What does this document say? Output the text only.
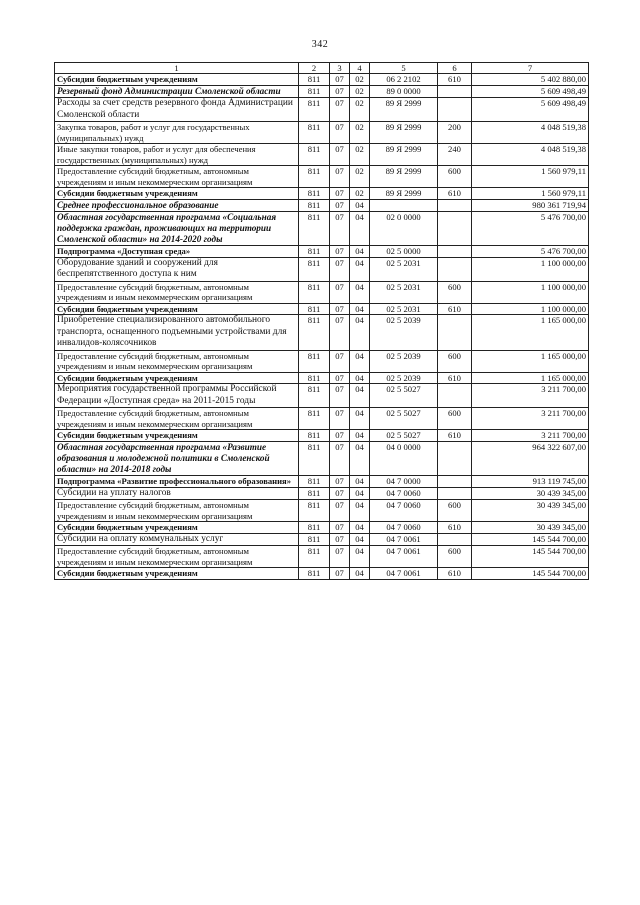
342
1	2	3	4	5	6	7
Субсидии бюджетным учреждениям	811	07	02	06 2 2102	610	5 402 880,00
Резервный фонд Администрации Смоленской области	811	07	02	89 0 0000		5 609 498,49
Расходы за счет средств резервного фонда Администрации Смоленской области	811	07	02	89 Я 2999		5 609 498,49
Закупка товаров, работ и услуг для государственных (муниципальных) нужд	811	07	02	89 Я 2999	200	4 048 519,38
Иные закупки товаров, работ и услуг для обеспечения государственных (муниципальных) нужд	811	07	02	89 Я 2999	240	4 048 519,38
Предоставление субсидий бюджетным, автономным учреждениям и иным некоммерческим организациям	811	07	02	89 Я 2999	600	1 560 979,11
Субсидии бюджетным учреждениям	811	07	02	89 Я 2999	610	1 560 979,11
Среднее профессиональное образование	811	07	04			980 361 719,94
Областная государственная программа «Социальная поддержка граждан, проживающих на территории Смоленской области» на 2014-2020 годы	811	07	04	02 0 0000		5 476 700,00
Подпрограмма «Доступная среда»	811	07	04	02 5 0000		5 476 700,00
Оборудование зданий и сооружений для беспрепятственного доступа к ним	811	07	04	02 5 2031		1 100 000,00
Предоставление субсидий бюджетным, автономным учреждениям и иным некоммерческим организациям	811	07	04	02 5 2031	600	1 100 000,00
Субсидии бюджетным учреждениям	811	07	04	02 5 2031	610	1 100 000,00
Приобретение специализированного автомобильного транспорта, оснащенного подъемными устройствами для инвалидов-колясочников	811	07	04	02 5 2039		1 165 000,00
Предоставление субсидий бюджетным, автономным учреждениям и иным некоммерческим организациям	811	07	04	02 5 2039	600	1 165 000,00
Субсидии бюджетным учреждениям	811	07	04	02 5 2039	610	1 165 000,00
Мероприятия государственной программы Российской Федерации «Доступная среда» на 2011-2015 годы	811	07	04	02 5 5027		3 211 700,00
Предоставление субсидий бюджетным, автономным учреждениям и иным некоммерческим организациям	811	07	04	02 5 5027	600	3 211 700,00
Субсидии бюджетным учреждениям	811	07	04	02 5 5027	610	3 211 700,00
Областная государственная программа «Развитие образования и молодежной политики в Смоленской области» на 2014-2018 годы	811	07	04	04 0 0000		964 322 607,00
Подпрограмма «Развитие профессионального образования»	811	07	04	04 7 0000		913 119 745,00
Субсидии на уплату налогов	811	07	04	04 7 0060		30 439 345,00
Предоставление субсидий бюджетным, автономным учреждениям и иным некоммерческим организациям	811	07	04	04 7 0060	600	30 439 345,00
Субсидии бюджетным учреждениям	811	07	04	04 7 0060	610	30 439 345,00
Субсидии на оплату коммунальных услуг	811	07	04	04 7 0061		145 544 700,00
Предоставление субсидий бюджетным, автономным учреждениям и иным некоммерческим организациям	811	07	04	04 7 0061	600	145 544 700,00
Субсидии бюджетным учреждениям	811	07	04	04 7 0061	610	145 544 700,00
